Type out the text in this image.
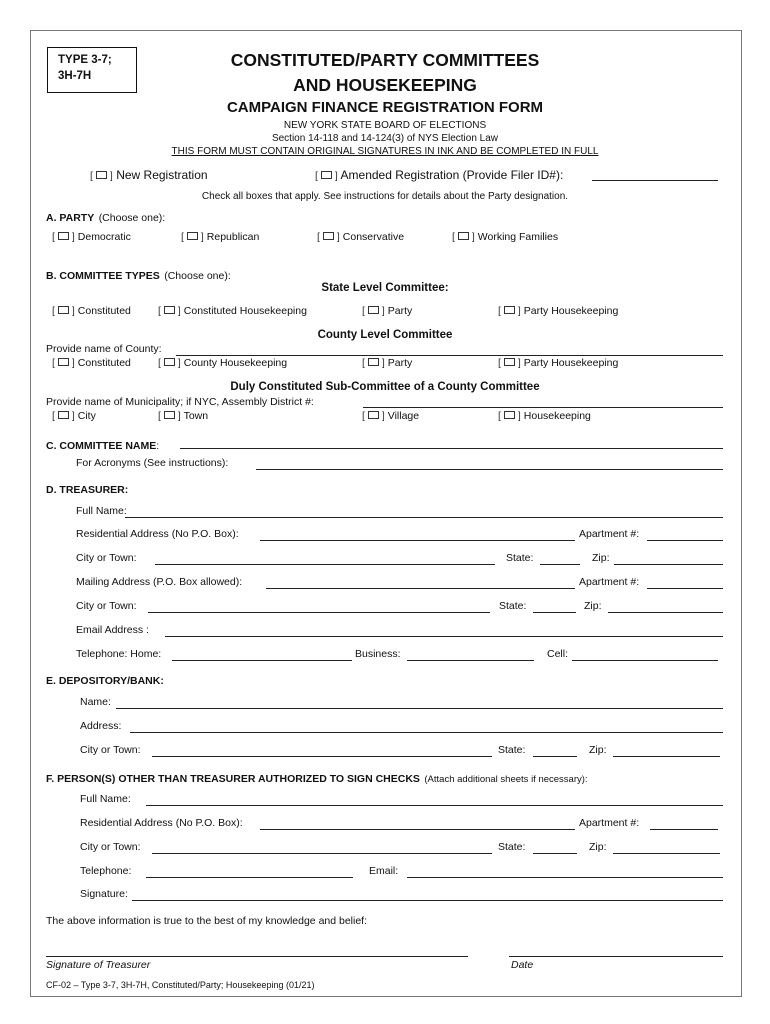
TYPE 3-7;
3H-7H
CONSTITUTED/PARTY COMMITTEES
AND HOUSEKEEPING
CAMPAIGN FINANCE REGISTRATION FORM
NEW YORK STATE BOARD OF ELECTIONS
Section 14-118 and 14-124(3) of NYS Election Law
THIS FORM MUST CONTAIN ORIGINAL SIGNATURES IN INK AND BE COMPLETED IN FULL
[ ] New Registration	[ ] Amended Registration (Provide Filer ID#):
Check all boxes that apply. See instructions for details about the Party designation.
A. PARTY (Choose one):
[ ] Democratic	[ ] Republican	[ ] Conservative	[ ] Working Families
B. COMMITTEE TYPES (Choose one):
State Level Committee:
[ ] Constituted	[ ] Constituted Housekeeping	[ ] Party	[ ] Party Housekeeping
County Level Committee
Provide name of County:
[ ] Constituted	[ ] County Housekeeping	[ ] Party	[ ] Party Housekeeping
Duly Constituted Sub-Committee of a County Committee
Provide name of Municipality; if NYC, Assembly District #:
[ ] City	[ ] Town	[ ] Village	[ ] Housekeeping
C. COMMITTEE NAME:
For Acronyms (See instructions):
D. TREASURER:
Full Name:
Residential Address (No P.O. Box):	Apartment #:
City or Town:	State:	Zip:
Mailing Address (P.O. Box allowed):	Apartment #:
City or Town:	State:	Zip:
Email Address :
Telephone: Home:	Business:	Cell:
E. DEPOSITORY/BANK:
Name:
Address:
City or Town:	State:	Zip:
F. PERSON(S) OTHER THAN TREASURER AUTHORIZED TO SIGN CHECKS (Attach additional sheets if necessary):
Full Name:
Residential Address (No P.O. Box):	Apartment #:
City or Town:	State:	Zip:
Telephone:	Email:
Signature:
The above information is true to the best of my knowledge and belief:
Signature of Treasurer	Date
CF-02 – Type 3-7, 3H-7H, Constituted/Party; Housekeeping (01/21)
